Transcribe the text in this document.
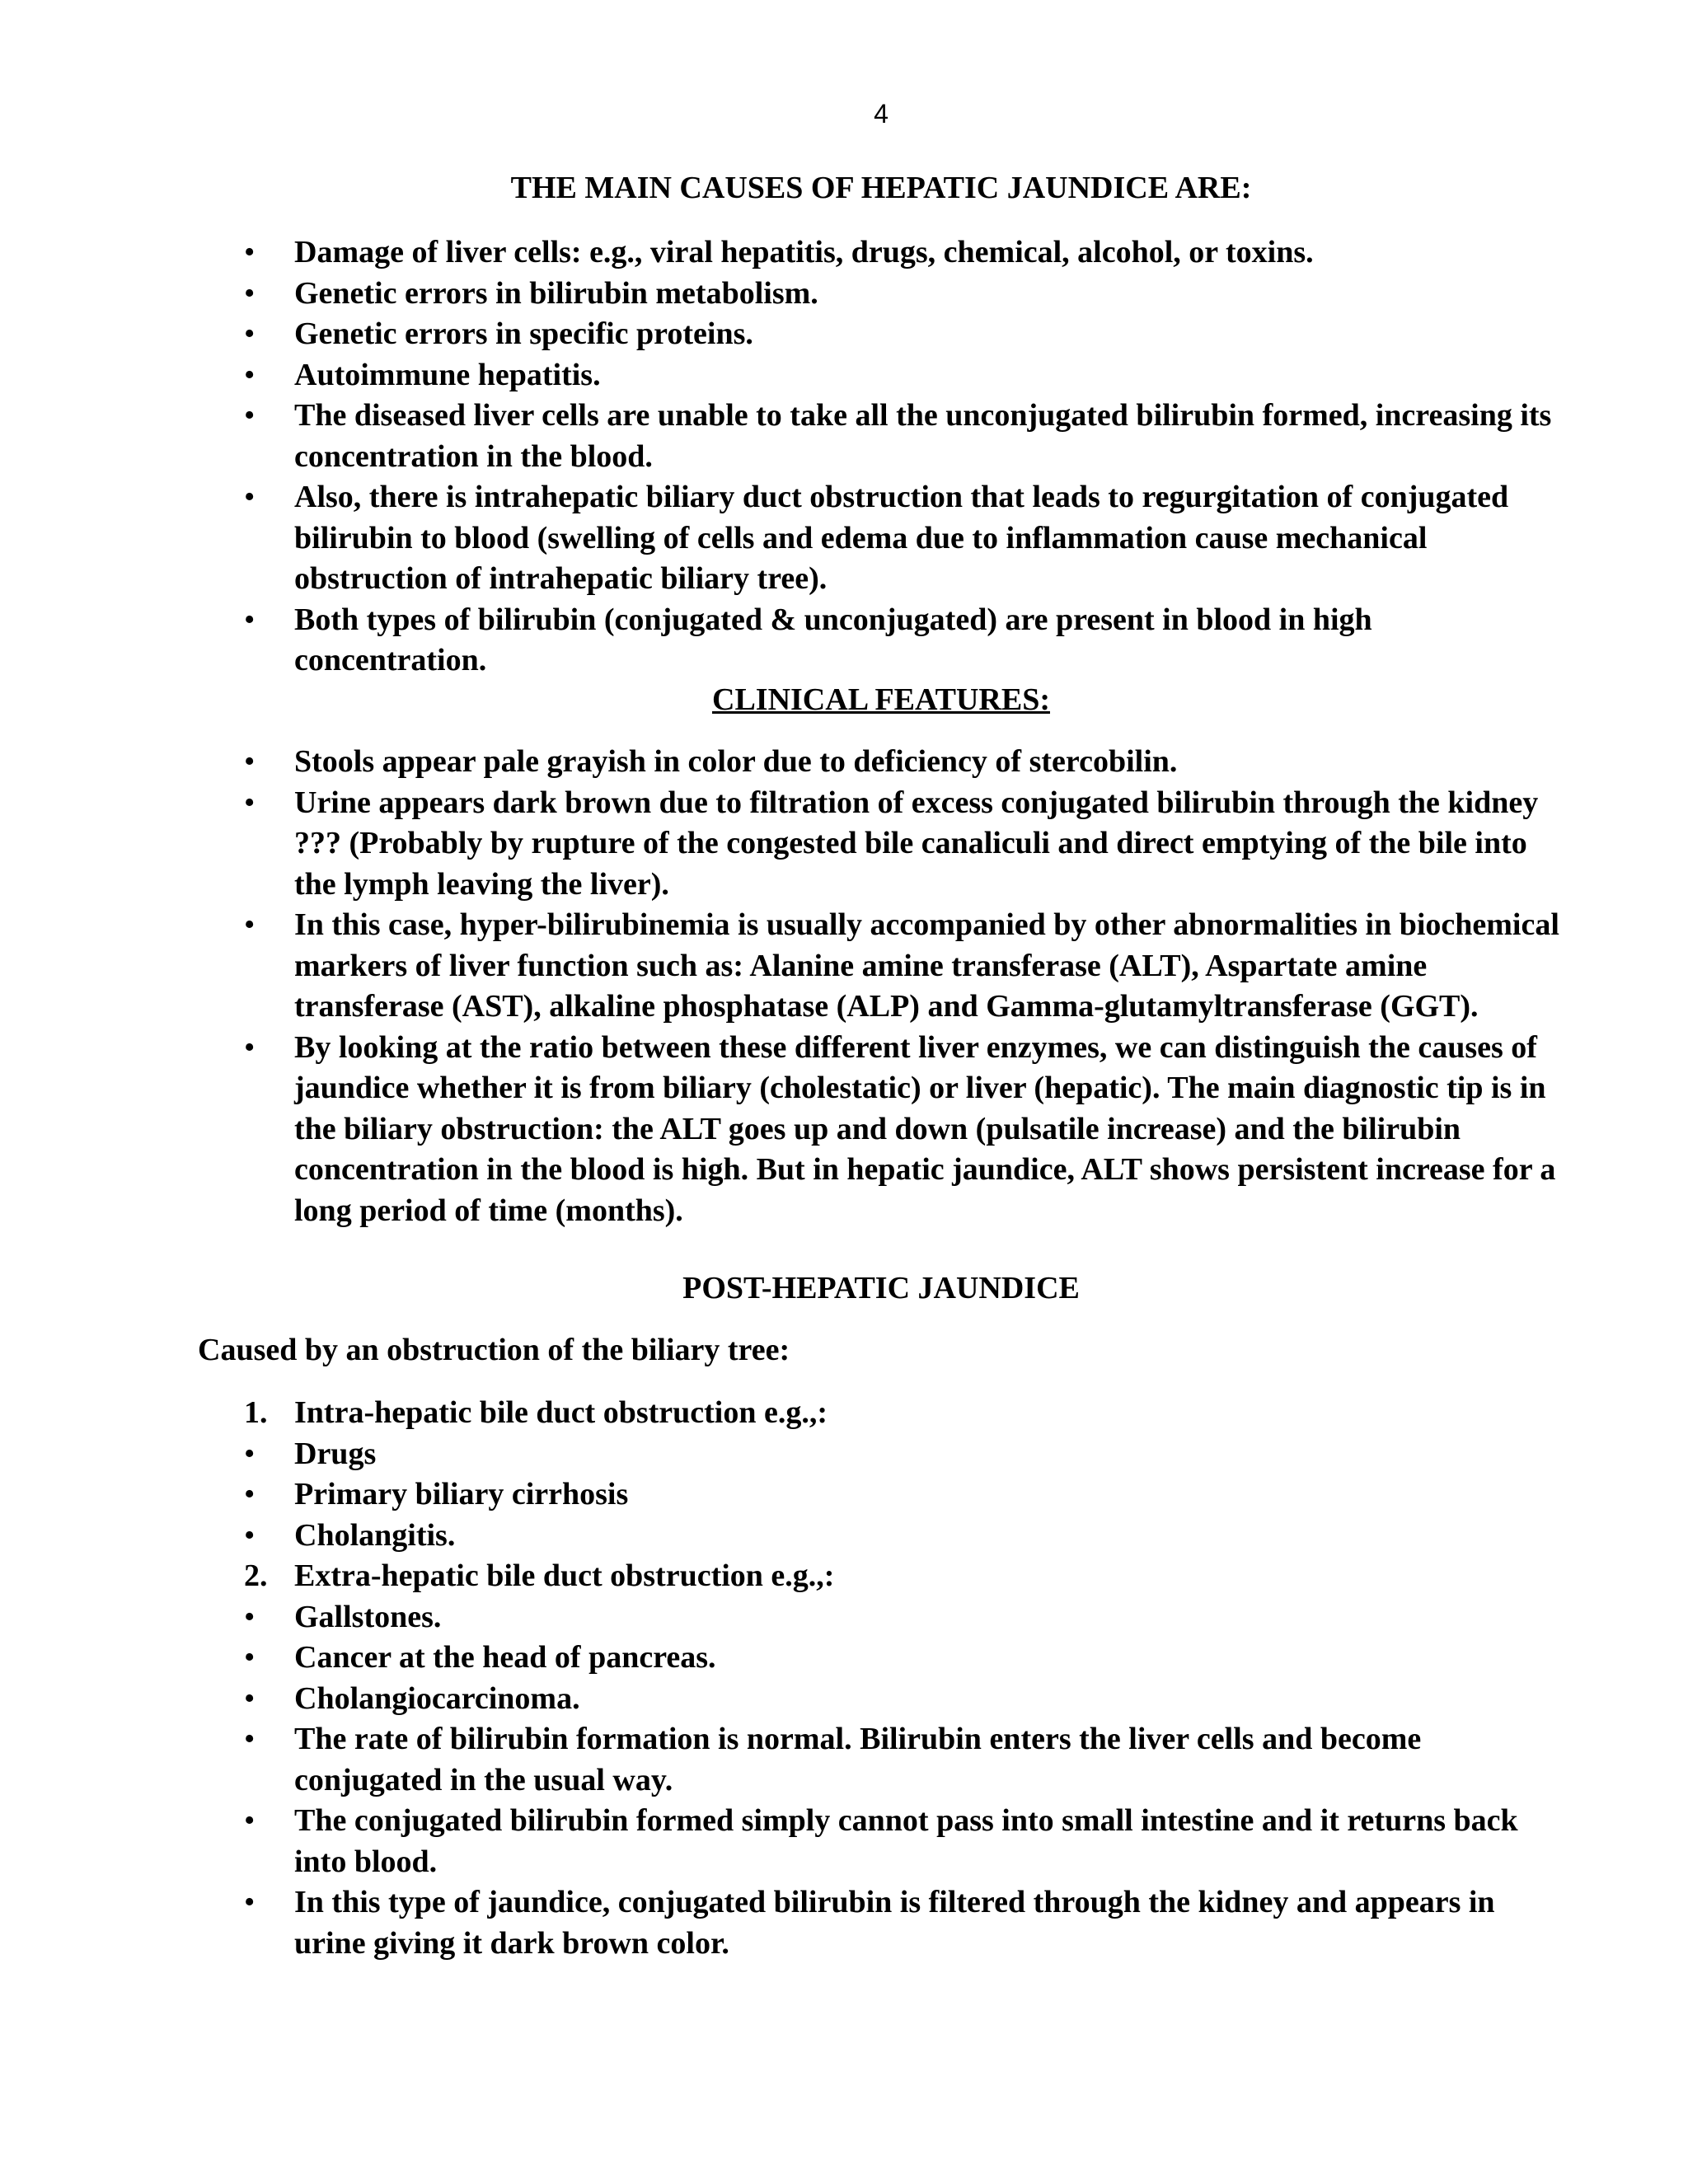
4
THE MAIN CAUSES OF HEPATIC JAUNDICE ARE:
• Damage of liver cells: e.g., viral hepatitis, drugs, chemical, alcohol, or toxins.
• Genetic errors in bilirubin metabolism.
• Genetic errors in specific proteins.
• Autoimmune hepatitis.
• The diseased liver cells are unable to take all the unconjugated bilirubin formed, increasing its concentration in the blood.
• Also, there is intrahepatic biliary duct obstruction that leads to regurgitation of conjugated bilirubin to blood (swelling of cells and edema due to inflammation cause mechanical obstruction of intrahepatic biliary tree).
• Both types of bilirubin (conjugated & unconjugated) are present in blood in high concentration.
CLINICAL FEATURES:
• Stools appear pale grayish in color due to deficiency of stercobilin.
• Urine appears dark brown due to filtration of excess conjugated bilirubin through the kidney ??? (Probably by rupture of the congested bile canaliculi and direct emptying of the bile into the lymph leaving the liver).
• In this case, hyper-bilirubinemia is usually accompanied by other abnormalities in biochemical markers of liver function such as: Alanine amine transferase (ALT), Aspartate amine transferase (AST), alkaline phosphatase (ALP) and Gamma-glutamyltransferase (GGT).
• By looking at the ratio between these different liver enzymes, we can distinguish the causes of jaundice whether it is from biliary (cholestatic) or liver (hepatic). The main diagnostic tip is in the biliary obstruction: the ALT goes up and down (pulsatile increase) and the bilirubin concentration in the blood is high. But in hepatic jaundice, ALT shows persistent increase for a long period of time (months).
POST-HEPATIC JAUNDICE
Caused by an obstruction of the biliary tree:
1. Intra-hepatic bile duct obstruction e.g.,:
• Drugs
• Primary biliary cirrhosis
• Cholangitis.
2. Extra-hepatic bile duct obstruction e.g.,:
• Gallstones.
• Cancer at the head of pancreas.
• Cholangiocarcinoma.
• The rate of bilirubin formation is normal. Bilirubin enters the liver cells and become conjugated in the usual way.
• The conjugated bilirubin formed simply cannot pass into small intestine and it returns back into blood.
• In this type of jaundice, conjugated bilirubin is filtered through the kidney and appears in urine giving it dark brown color.
